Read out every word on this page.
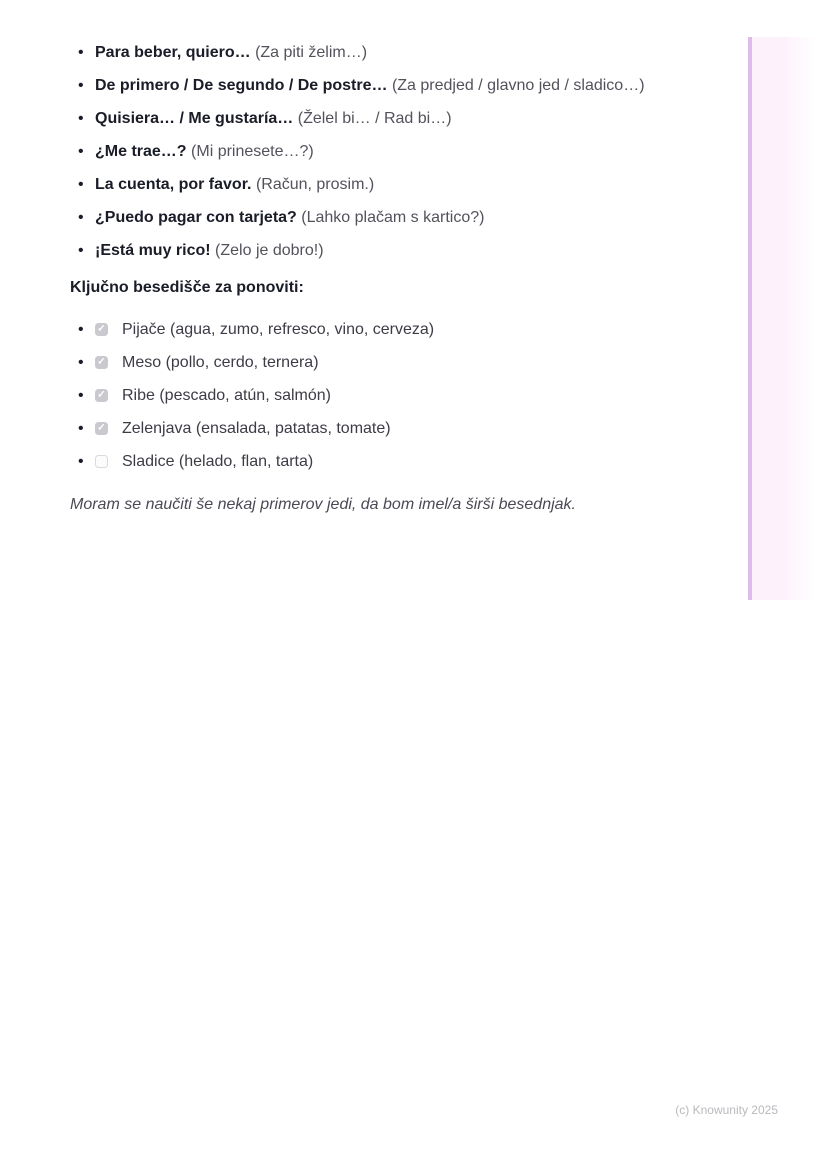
• Para beber, quiero… (Za piti želim…)
• De primero / De segundo / De postre… (Za predjed / glavno jed / sladico…)
• Quisiera… / Me gustaría… (Želel bi… / Rad bi…)
• ¿Me trae…? (Mi prinesete…?)
• La cuenta, por favor. (Račun, prosim.)
• ¿Puedo pagar con tarjeta? (Lahko plačam s kartico?)
• ¡Está muy rico! (Zelo je dobro!)
Ključno besedišče za ponoviti:
• ✓ Pijače (agua, zumo, refresco, vino, cerveza)
• ✓ Meso (pollo, cerdo, ternera)
• ✓ Ribe (pescado, atún, salmón)
• ✓ Zelenjava (ensalada, patatas, tomate)
• Sladice (helado, flan, tarta)

Moram se naučiti še nekaj primerov jedi, da bom imel/a širši besednjak.

(c) Knowunity 2025
